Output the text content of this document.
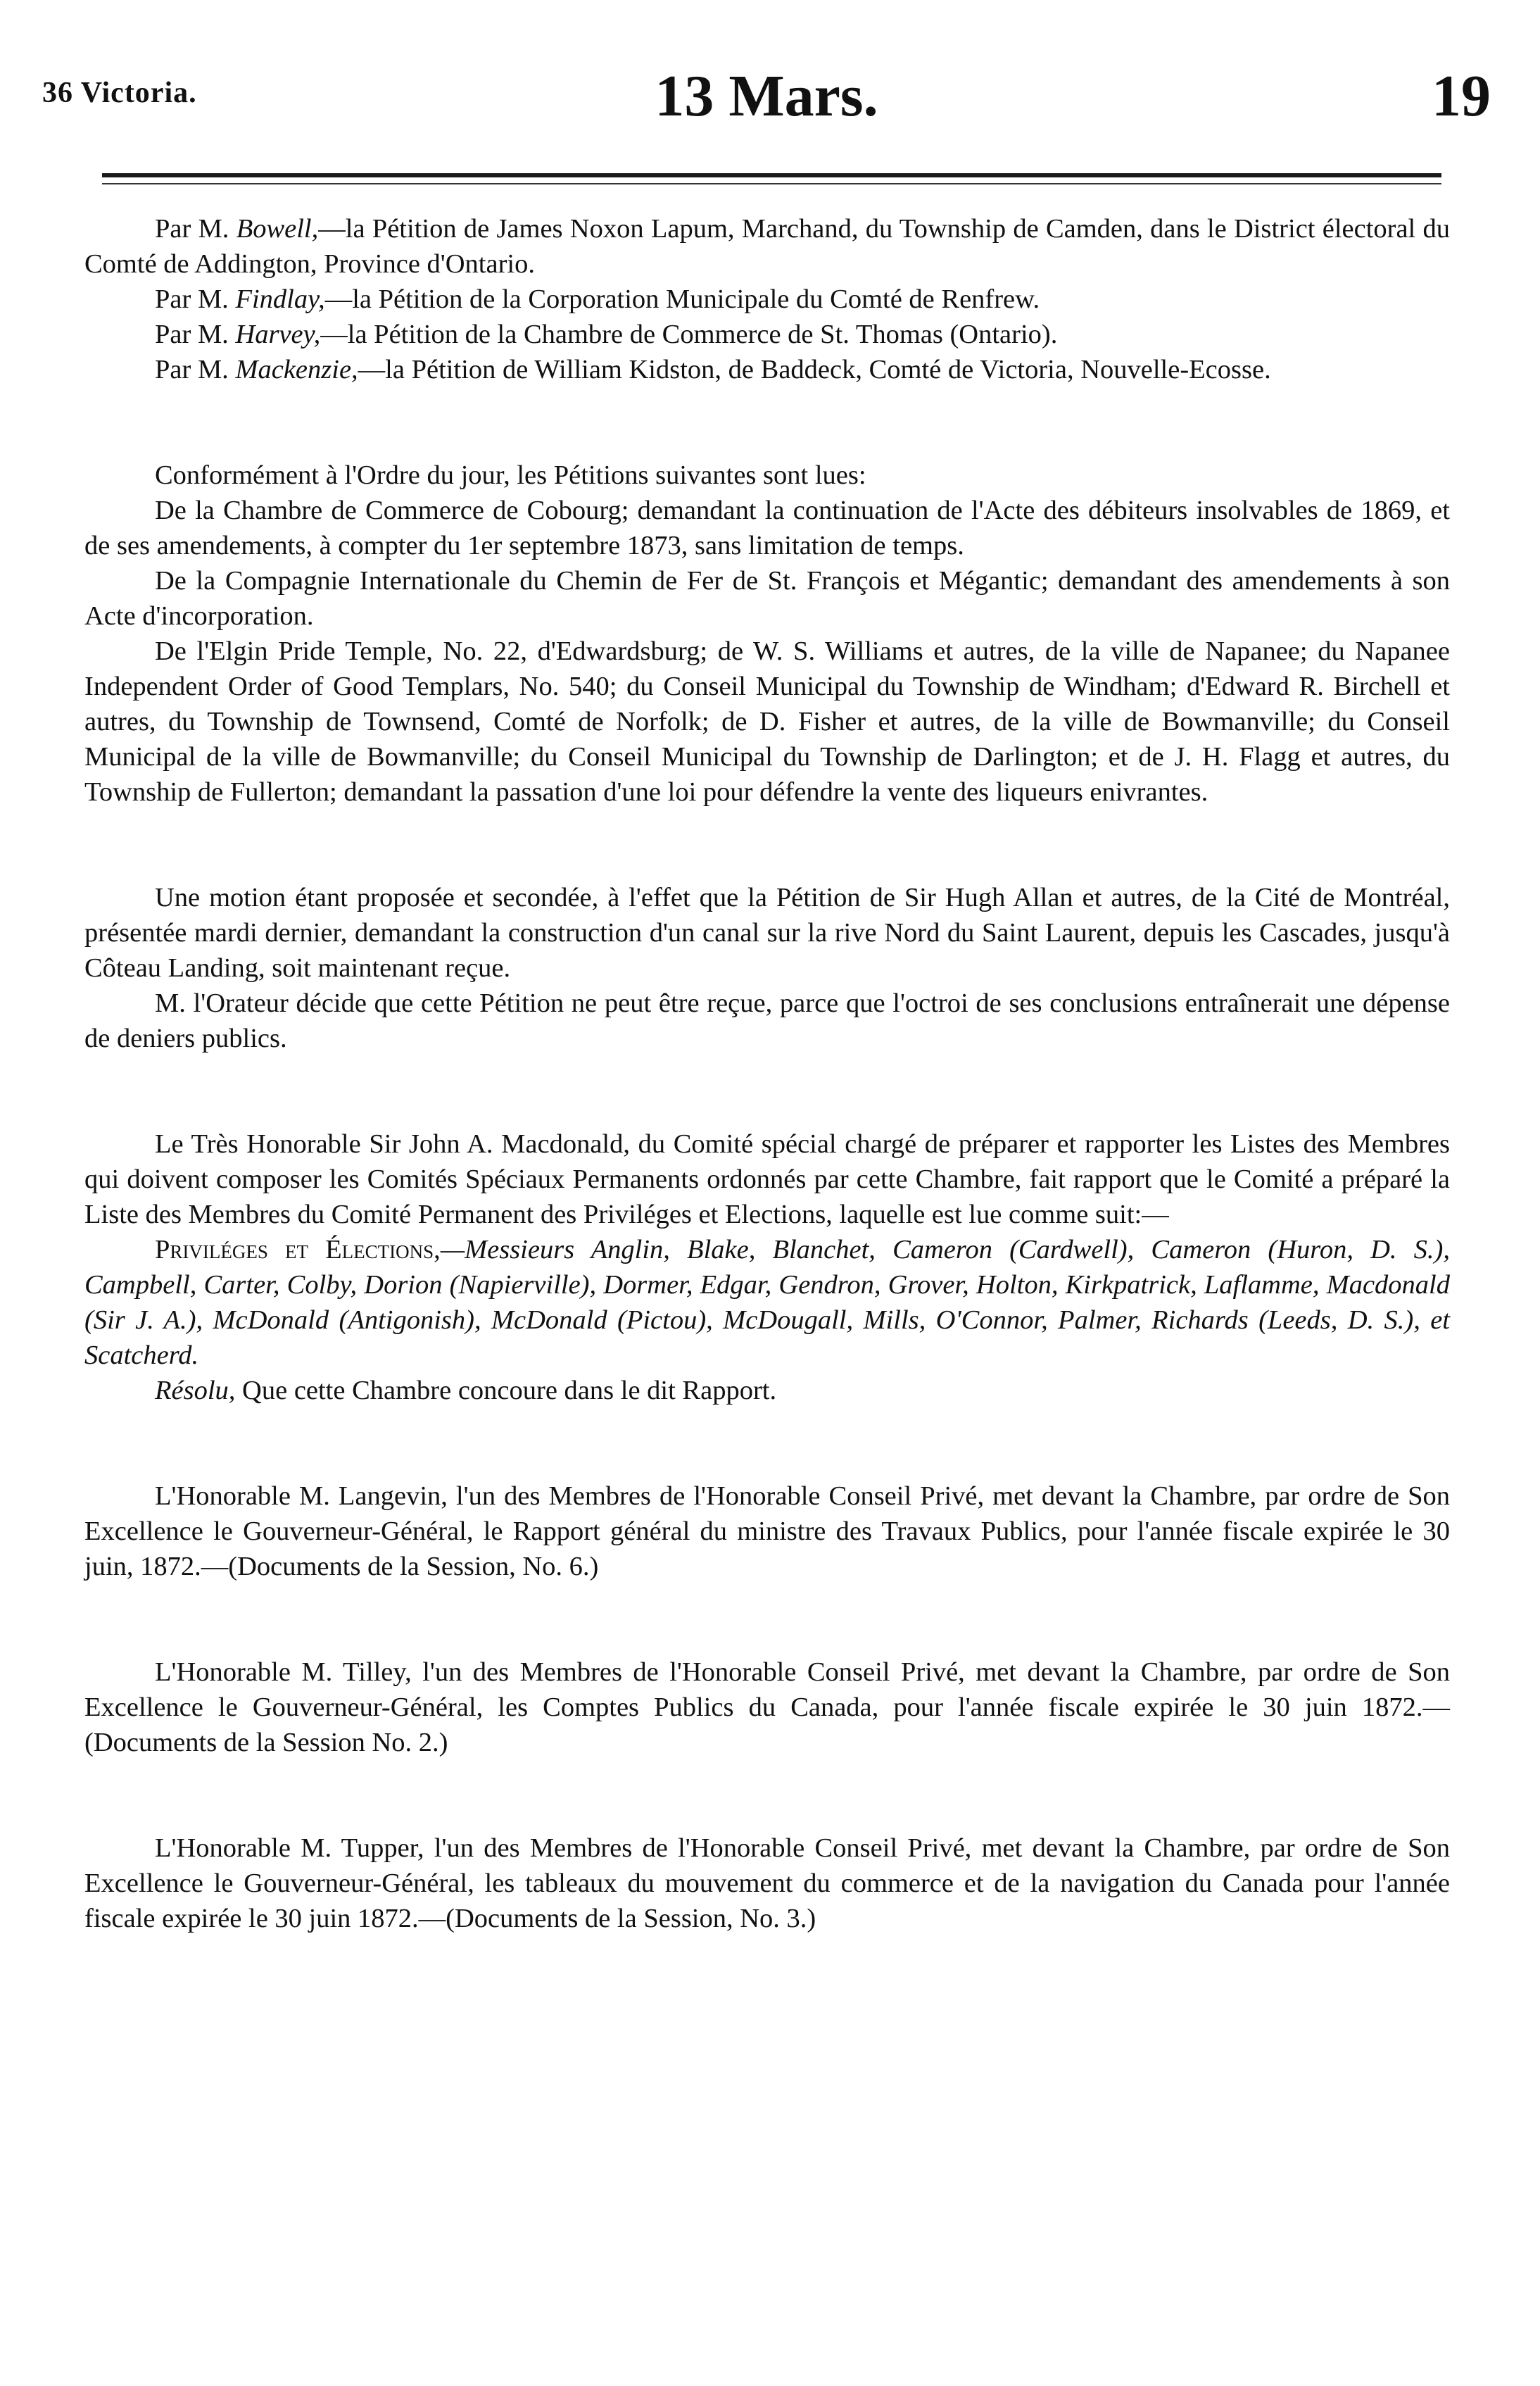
36 Victoria.	13 Mars.	19

Par M. Bowell,—la Pétition de James Noxon Lapum, Marchand, du Township de Camden, dans le District électoral du Comté de Addington, Province d'Ontario.

Par M. Findlay,—la Pétition de la Corporation Municipale du Comté de Renfrew.

Par M. Harvey,—la Pétition de la Chambre de Commerce de St. Thomas (Ontario).

Par M. Mackenzie,—la Pétition de William Kidston, de Baddeck, Comté de Victoria, Nouvelle-Ecosse.

Conformément à l'Ordre du jour, les Pétitions suivantes sont lues:

De la Chambre de Commerce de Cobourg; demandant la continuation de l'Acte des débiteurs insolvables de 1869, et de ses amendements, à compter du 1er septembre 1873, sans limitation de temps.

De la Compagnie Internationale du Chemin de Fer de St. François et Mégantic; demandant des amendements à son Acte d'incorporation.

De l'Elgin Pride Temple, No. 22, d'Edwardsburg; de W. S. Williams et autres, de la ville de Napanee; du Napanee Independent Order of Good Templars, No. 540; du Conseil Municipal du Township de Windham; d'Edward R. Birchell et autres, du Township de Townsend, Comté de Norfolk; de D. Fisher et autres, de la ville de Bowmanville; du Conseil Municipal de la ville de Bowmanville; du Conseil Municipal du Township de Darlington; et de J. H. Flagg et autres, du Township de Fullerton; demandant la passation d'une loi pour défendre la vente des liqueurs enivrantes.

Une motion étant proposée et secondée, à l'effet que la Pétition de Sir Hugh Allan et autres, de la Cité de Montréal, présentée mardi dernier, demandant la construction d'un canal sur la rive Nord du Saint Laurent, depuis les Cascades, jusqu'à Côteau Landing, soit maintenant reçue.

M. l'Orateur décide que cette Pétition ne peut être reçue, parce que l'octroi de ses conclusions entraînerait une dépense de deniers publics.

Le Très Honorable Sir John A. Macdonald, du Comité spécial chargé de préparer et rapporter les Listes des Membres qui doivent composer les Comités Spéciaux Permanents ordonnés par cette Chambre, fait rapport que le Comité a préparé la Liste des Membres du Comité Permanent des Priviléges et Elections, laquelle est lue comme suit:—

Priviléges et Élections,—Messieurs Anglin, Blake, Blanchet, Cameron (Cardwell), Cameron (Huron, D. S.), Campbell, Carter, Colby, Dorion (Napierville), Dormer, Edgar, Gendron, Grover, Holton, Kirkpatrick, Laflamme, Macdonald (Sir J. A.), McDonald (Antigonish), McDonald (Pictou), McDougall, Mills, O'Connor, Palmer, Richards (Leeds, D. S.), et Scatcherd.

Résolu, Que cette Chambre concoure dans le dit Rapport.

L'Honorable M. Langevin, l'un des Membres de l'Honorable Conseil Privé, met devant la Chambre, par ordre de Son Excellence le Gouverneur-Général, le Rapport général du ministre des Travaux Publics, pour l'année fiscale expirée le 30 juin, 1872.—(Documents de la Session, No. 6.)

L'Honorable M. Tilley, l'un des Membres de l'Honorable Conseil Privé, met devant la Chambre, par ordre de Son Excellence le Gouverneur-Général, les Comptes Publics du Canada, pour l'année fiscale expirée le 30 juin 1872.—(Documents de la Session No. 2.)

L'Honorable M. Tupper, l'un des Membres de l'Honorable Conseil Privé, met devant la Chambre, par ordre de Son Excellence le Gouverneur-Général, les tableaux du mouvement du commerce et de la navigation du Canada pour l'année fiscale expirée le 30 juin 1872.—(Documents de la Session, No. 3.)
